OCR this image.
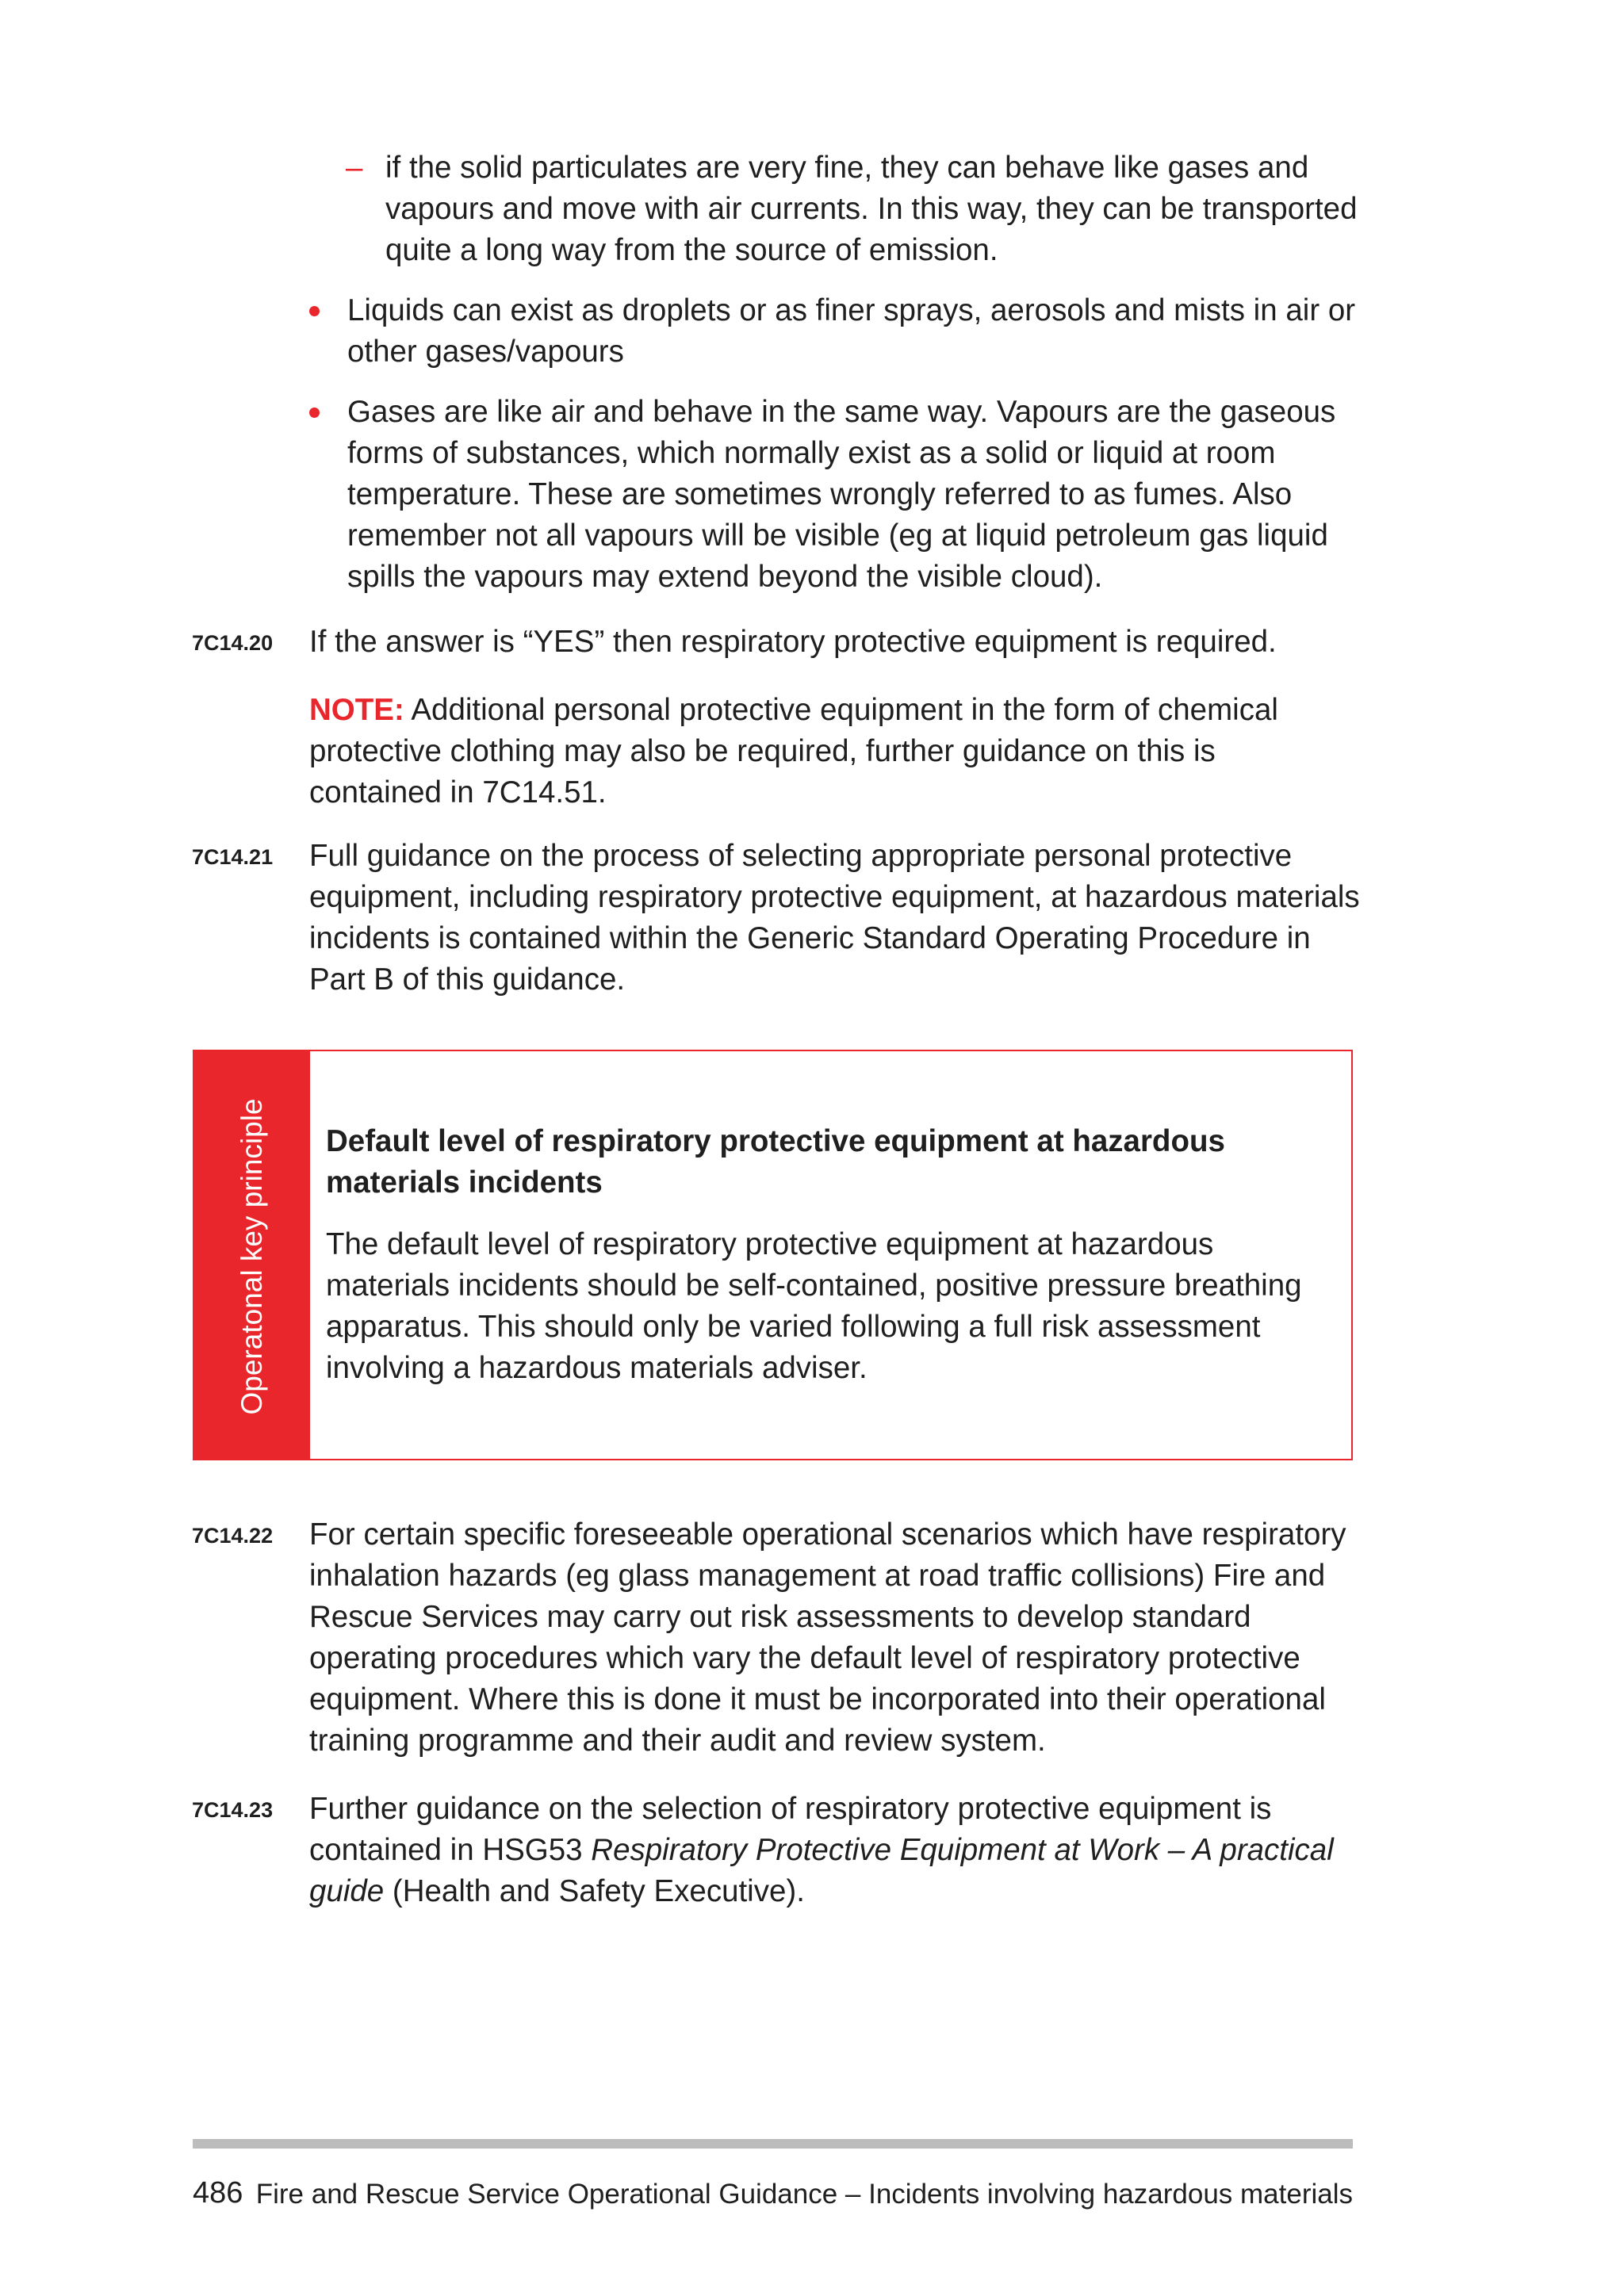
– if the solid particulates are very fine, they can behave like gases and vapours and move with air currents. In this way, they can be transported quite a long way from the source of emission.
Liquids can exist as droplets or as finer sprays, aerosols and mists in air or other gases/vapours
Gases are like air and behave in the same way. Vapours are the gaseous forms of substances, which normally exist as a solid or liquid at room temperature. These are sometimes wrongly referred to as fumes. Also remember not all vapours will be visible (eg at liquid petroleum gas liquid spills the vapours may extend beyond the visible cloud).
7C14.20 If the answer is “YES” then respiratory protective equipment is required.
NOTE: Additional personal protective equipment in the form of chemical protective clothing may also be required, further guidance on this is contained in 7C14.51.
7C14.21 Full guidance on the process of selecting appropriate personal protective equipment, including respiratory protective equipment, at hazardous materials incidents is contained within the Generic Standard Operating Procedure in Part B of this guidance.
Operatonal key principle Default level of respiratory protective equipment at hazardous materials incidents
The default level of respiratory protective equipment at hazardous materials incidents should be self-contained, positive pressure breathing apparatus. This should only be varied following a full risk assessment involving a hazardous materials adviser.
7C14.22 For certain specific foreseeable operational scenarios which have respiratory inhalation hazards (eg glass management at road traffic collisions) Fire and Rescue Services may carry out risk assessments to develop standard operating procedures which vary the default level of respiratory protective equipment. Where this is done it must be incorporated into their operational training programme and their audit and review system.
7C14.23 Further guidance on the selection of respiratory protective equipment is contained in HSG53 Respiratory Protective Equipment at Work – A practical guide (Health and Safety Executive).
486 Fire and Rescue Service Operational Guidance – Incidents involving hazardous materials
